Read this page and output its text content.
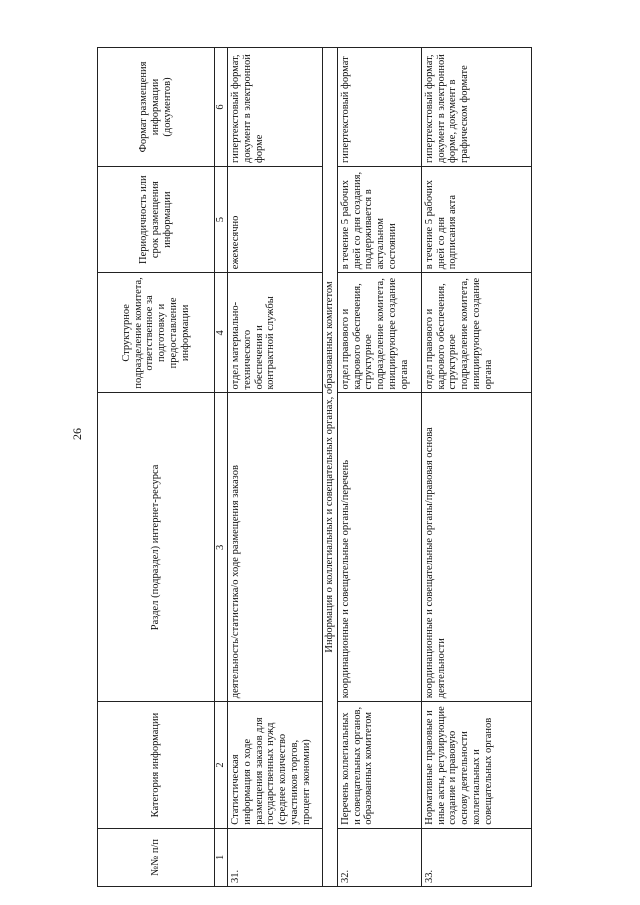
26
№№ п/п	Категория информации	Раздел (подраздел) интернет-ресурса	Структурное подразделение комитета, ответственное за подготовку и предоставление информации	Периодичность или срок размещения информации	Формат размещения информации (документов)
1	2	3	4	5	6
31.	Статистическая информация о ходе размещения заказов для государственных нужд (среднее количество участников торгов, процент экономии)	деятельность/статистика/о ходе размещения заказов	отдел материально-технического обеспечения и контрактной службы	ежемесячно	гипертекстовый формат, документ в электронной форме
Информация о коллегиальных и совещательных органах, образованных комитетом					
32.	Перечень коллегиальных и совещательных органов, образованных комитетом	координационные и совещательные органы/перечень	отдел правового и кадрового обеспечения, структурное подразделение комитета, инициирующее создание органа	в течение 5 рабочих дней со дня создания, поддерживается в актуальном состоянии	гипертекстовый формат
33.	Нормативные правовые и иные акты, регулирующие создание и правовую основу деятельности коллегиальных и совещательных органов	координационные и совещательные органы/правовая основа деятельности	отдел правового и кадрового обеспечения, структурное подразделение комитета, инициирующее создание органа	в течение 5 рабочих дней со дня подписания акта	гипертекстовый формат, документ в электронной форме, документ в графическом формате
